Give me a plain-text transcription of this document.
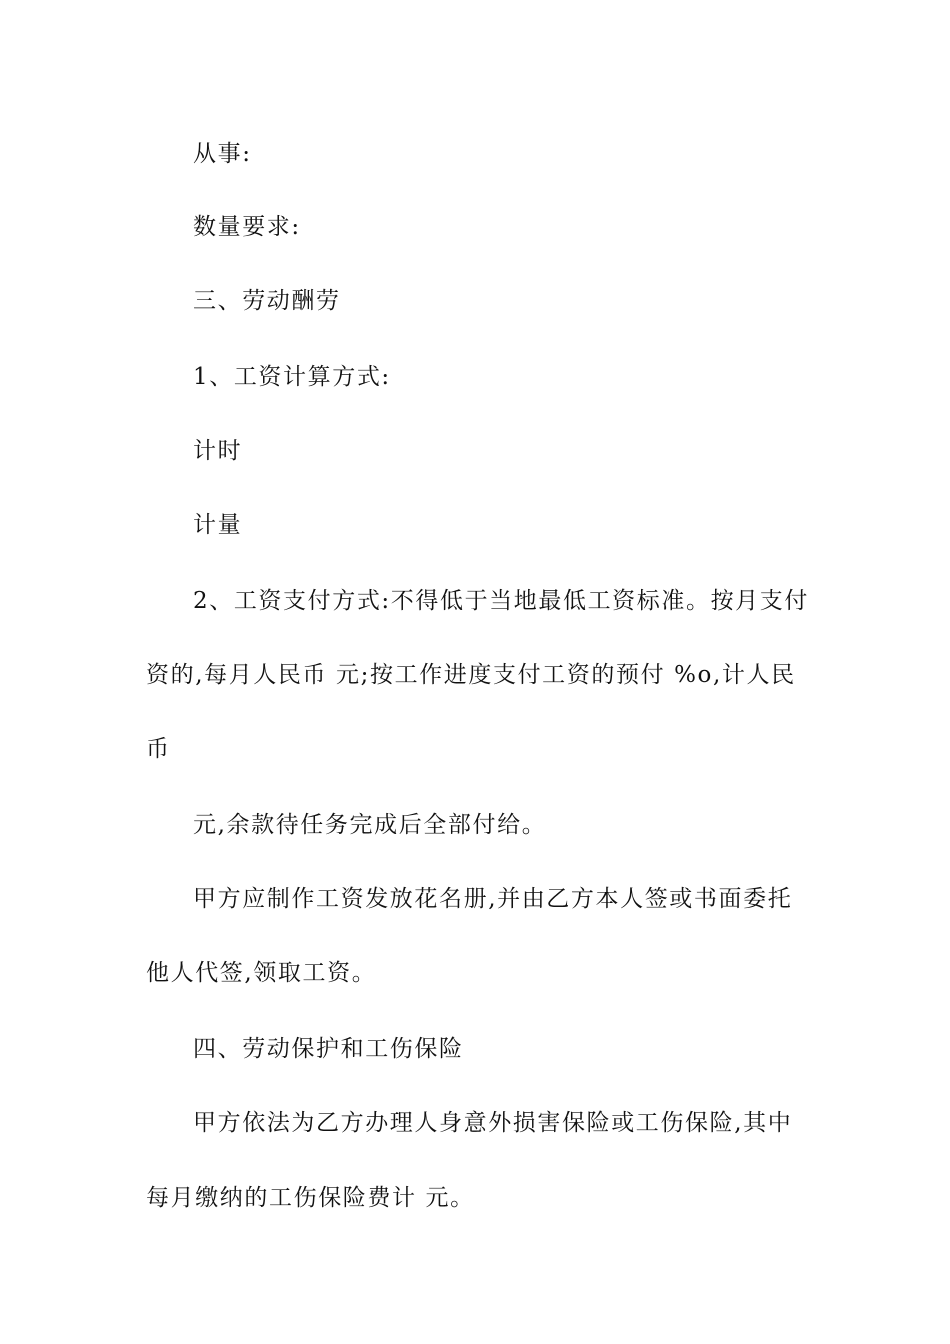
从事:

数量要求:

三、劳动酬劳

1、工资计算方式:

计时

计量

2、工资支付方式:不得低于当地最低工资标准。按月支付

资的,每月人民币 元;按工作进度支付工资的预付 %o,计人民

币

元,余款待任务完成后全部付给。

甲方应制作工资发放花名册,并由乙方本人签或书面委托

他人代签,领取工资。

四、劳动保护和工伤保险

甲方依法为乙方办理人身意外损害保险或工伤保险,其中

每月缴纳的工伤保险费计 元。
